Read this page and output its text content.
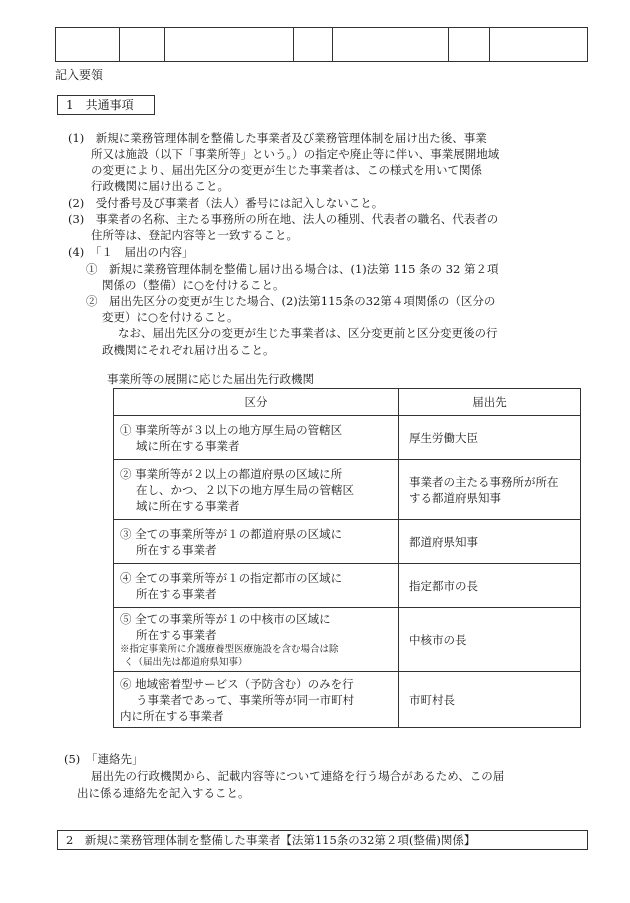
記入要領
1　共通事項
(1)　新規に業務管理体制を整備した事業者及び業務管理体制を届け出た後、事業
所又は施設（以下「事業所等」という。）の指定や廃止等に伴い、事業展開地域
の変更により、届出先区分の変更が生じた事業者は、この様式を用いて関係
行政機関に届け出ること。
(2)　受付番号及び事業者（法人）番号には記入しないこと。
(3)　事業者の名称、主たる事務所の所在地、法人の種別、代表者の職名、代表者の
住所等は、登記内容等と一致すること。
(4)　「１　届出の内容」
①　新規に業務管理体制を整備し届け出る場合は、(1)法第 115 条の 32 第２項
関係の（整備）に○を付けること。
②　届出先区分の変更が生じた場合、(2)法第115条の32第４項関係の（区分の
変更）に○を付けること。
なお、届出先区分の変更が生じた事業者は、区分変更前と区分変更後の行
政機関にそれぞれ届け出ること。
事業所等の展開に応じた届出先行政機関
区分	届出先

① 事業所等が３以上の地方厚生局の管轄区
域に所在する事業者	厚生労働大臣

② 事業所等が２以上の都道府県の区域に所
在し、かつ、２以下の地方厚生局の管轄区
域に所在する事業者	事業者の主たる事務所が所在
する都道府県知事

③ 全ての事業所等が１の都道府県の区域に
所在する事業者	都道府県知事

④ 全ての事業所等が１の指定都市の区域に
所在する事業者	指定都市の長

⑤ 全ての事業所等が１の中核市の区域に
所在する事業者
※指定事業所に介護療養型医療施設を含む場合は除
く（届出先は都道府県知事）	中核市の長

⑥ 地域密着型サービス（予防含む）のみを行
う事業者であって、事業所等が同一市町村
内に所在する事業者	市町村長
(5)　「連絡先」
届出先の行政機関から、記載内容等について連絡を行う場合があるため、この届
出に係る連絡先を記入すること。
2　新規に業務管理体制を整備した事業者【法第115条の32第２項(整備)関係】
